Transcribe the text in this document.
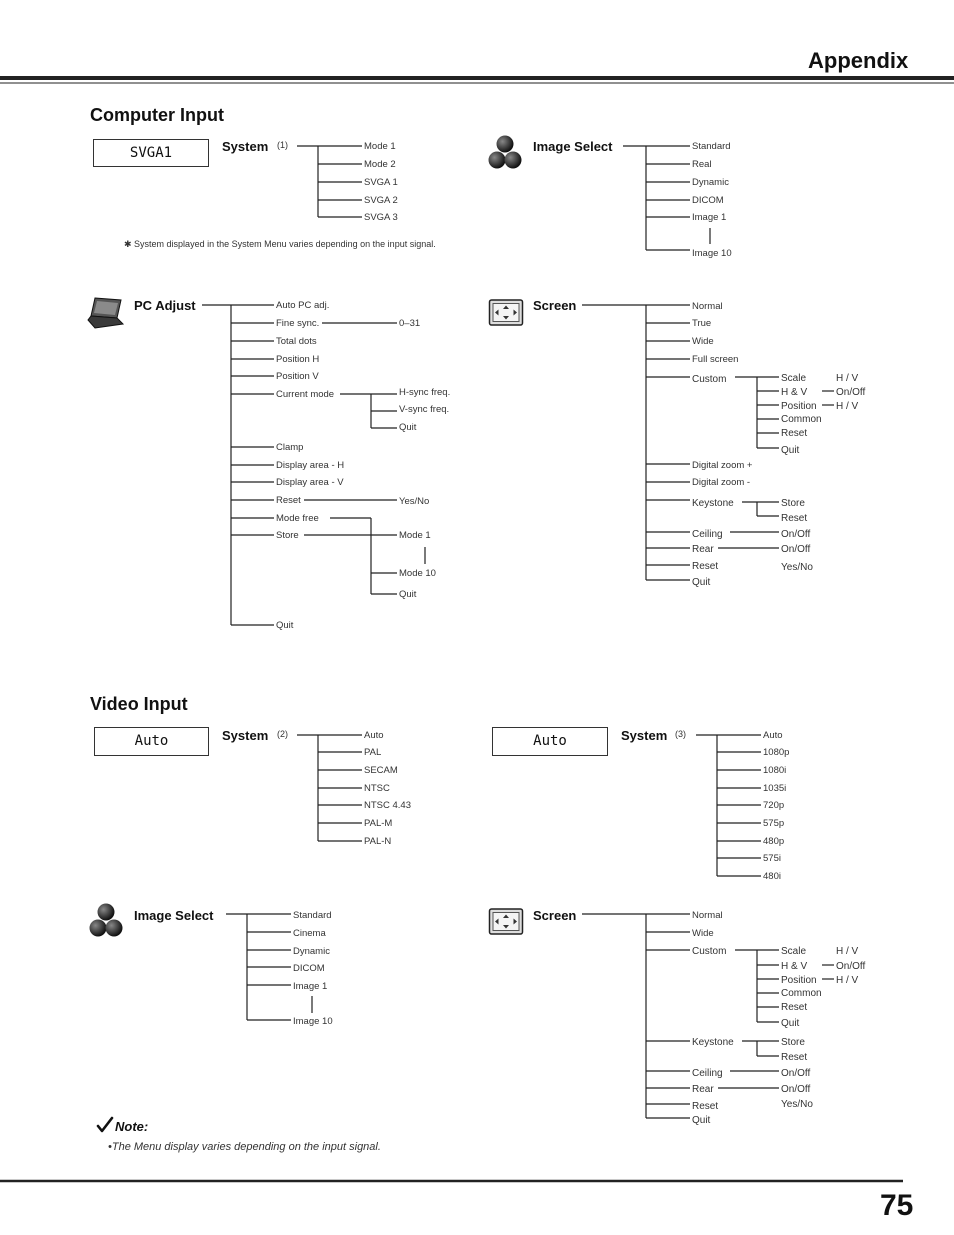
Appendix
75
Computer Input
SVGA1	System (1)	Mode 1
Mode 2
SVGA 1
SVGA 2
SVGA 3
✱ System displayed in the System Menu varies depending on the input signal.
Image Select	Standard
Real
Dynamic
DICOM
Image 1
Image 10
PC Adjust	Auto PC adj.
Fine sync.
Total dots
Position H
Position V
Current mode
Clamp
Display area - H
Display area - V
Reset
Mode free
Store
Quit
0–31
H-sync freq.
V-sync freq.
Quit
Yes/No
Mode 1
Mode 10
Quit
Screen	Normal
True
Wide
Full screen
Custom
Digital zoom +
Digital zoom -
Keystone
Ceiling
Rear
Reset
Quit
Scale
H & V
Position
Common
Reset
Quit
H / V
On/Off
H / V
Store
Reset
On/Off
On/Off
Yes/No
Video Input
Auto	System (2)	Auto
PAL
SECAM
NTSC
NTSC 4.43
PAL-M
PAL-N
Auto	System (3)	Auto
1080p
1080i
1035i
720p
575p
480p
575i
480i
Image Select	Standard
Cinema
Dynamic
DICOM
Image 1
Image 10
Screen	Normal
Wide
Custom
Keystone
Ceiling
Rear
Reset
Quit
Scale
H & V
Position
Common
Reset
Quit
H / V
On/Off
H / V
Store
Reset
On/Off
On/Off
Yes/No
Note:
•The Menu display varies depending on the input signal.
